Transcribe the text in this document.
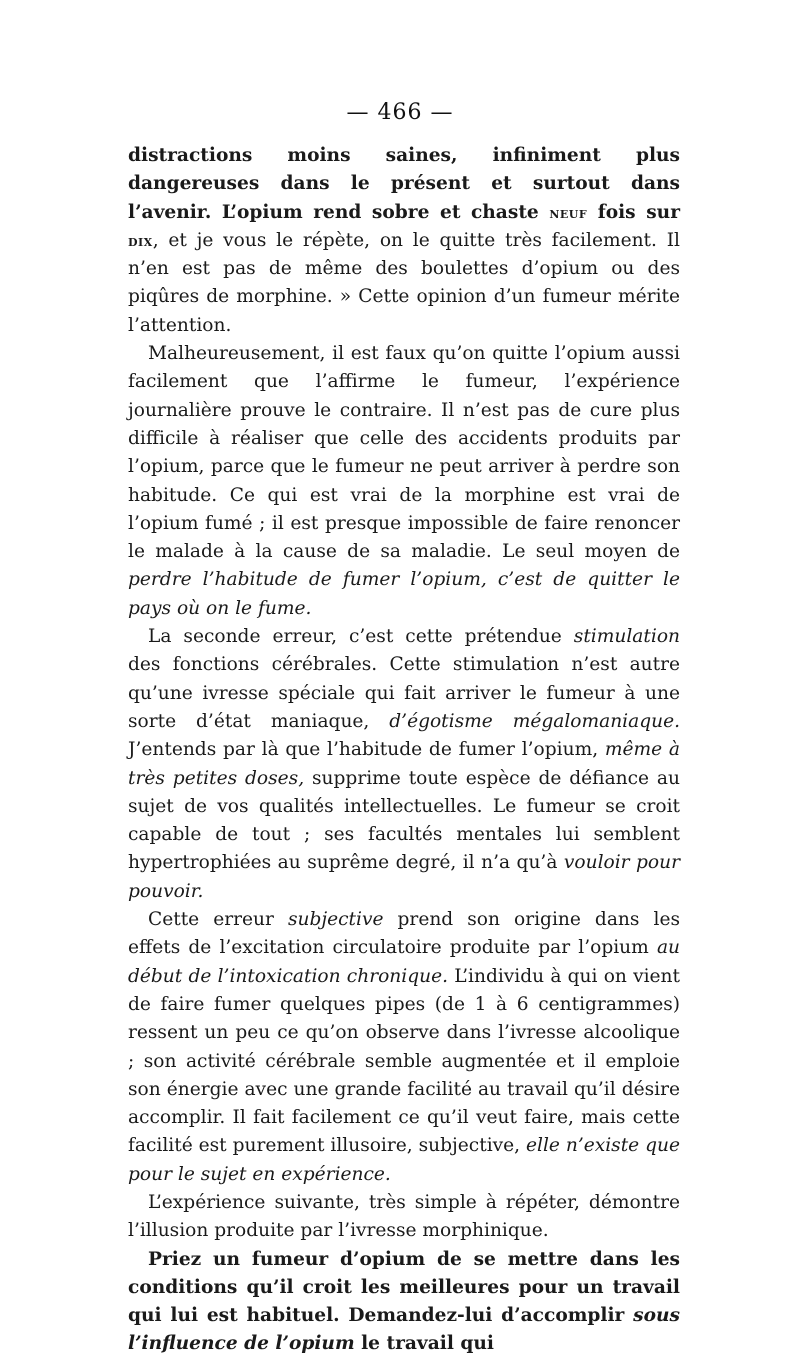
— 466 —

distractions moins saines, infiniment plus dangereuses dans le présent et surtout dans l’avenir. L’opium rend sobre et chaste neuf fois sur dix, et je vous le répète, on le quitte très facilement. Il n’en est pas de même des boulettes d’opium ou des piqûres de morphine. » Cette opinion d’un fumeur mérite l’attention.

Malheureusement, il est faux qu’on quitte l’opium aussi facilement que l’affirme le fumeur, l’expérience journalière prouve le contraire. Il n’est pas de cure plus difficile à réaliser que celle des accidents produits par l’opium, parce que le fumeur ne peut arriver à perdre son habitude. Ce qui est vrai de la morphine est vrai de l’opium fumé ; il est presque impossible de faire renoncer le malade à la cause de sa maladie. Le seul moyen de perdre l’habitude de fumer l’opium, c’est de quitter le pays où on le fume.

La seconde erreur, c’est cette prétendue stimulation des fonctions cérébrales. Cette stimulation n’est autre qu’une ivresse spéciale qui fait arriver le fumeur à une sorte d’état maniaque, d’égotisme mégalomaniaque. J’entends par là que l’habitude de fumer l’opium, même à très petites doses, supprime toute espèce de défiance au sujet de vos qualités intellectuelles. Le fumeur se croit capable de tout ; ses facultés mentales lui semblent hypertrophiées au suprême degré, il n’a qu’à vouloir pour pouvoir.

Cette erreur subjective prend son origine dans les effets de l’excitation circulatoire produite par l’opium au début de l’intoxication chronique. L’individu à qui on vient de faire fumer quelques pipes (de 1 à 6 centigrammes) ressent un peu ce qu’on observe dans l’ivresse alcoolique ; son activité cérébrale semble augmentée et il emploie son énergie avec une grande facilité au travail qu’il désire accomplir. Il fait facilement ce qu’il veut faire, mais cette facilité est purement illusoire, subjective, elle n’existe que pour le sujet en expérience.

L’expérience suivante, très simple à répéter, démontre l’illusion produite par l’ivresse morphinique.

Priez un fumeur d’opium de se mettre dans les conditions qu’il croit les meilleures pour un travail qui lui est habituel. Demandez-lui d’accomplir sous l’influence de l’opium le travail qui
